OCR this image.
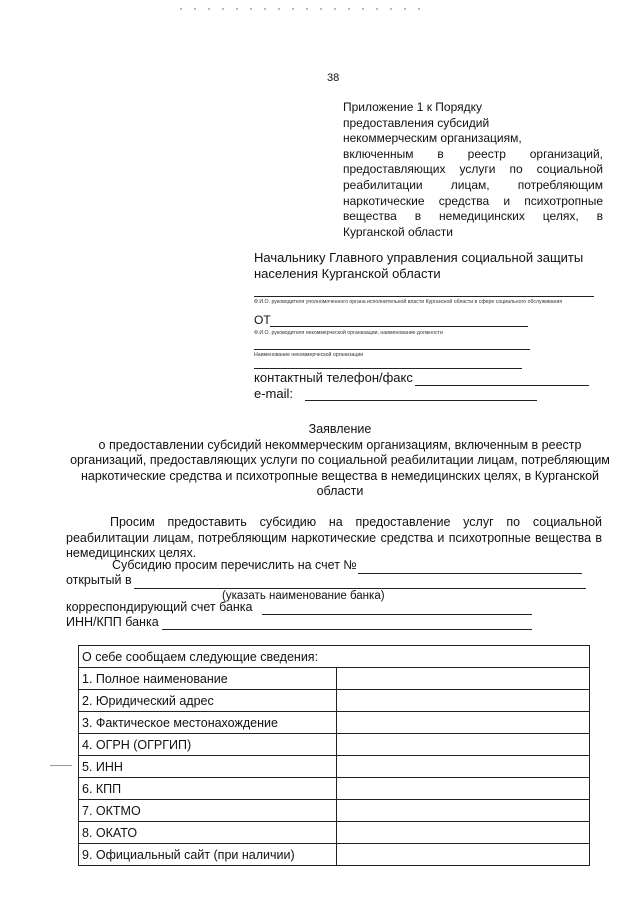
38
Приложение 1 к Порядку
предоставления субсидий
некоммерческим организациям,
включенным в реестр организаций,
предоставляющих услуги по социальной
реабилитации лицам, потребляющим
наркотические средства и психотропные
вещества в немедицинских целях, в
Курганской области
Начальнику Главного управления социальной защиты
населения Курганской области
Ф.И.О. руководителя уполномоченного органа исполнительной власти Курганской области в сфере социального обслуживания
ОТ
Ф.И.О. руководителя некоммерческой организации, наименование должности
Наименование некоммерческой организации
контактный телефон/факс
e-mail:
Заявление
о предоставлении субсидий некоммерческим организациям, включенным в реестр организаций, предоставляющих услуги по социальной реабилитации лицам, потребляющим наркотические средства и психотропные вещества в немедицинских целях, в Курганской области
Просим предоставить субсидию на предоставление услуг по социальной реабилитации лицам, потребляющим наркотические средства и психотропные вещества в немедицинских целях.
Субсидию просим перечислить на счет №
открытый в
(указать наименование банка)
корреспондирующий счет банка
ИНН/КПП банка
О себе сообщаем следующие сведения:	
1. Полное наименование	
2. Юридический адрес	
3. Фактическое местонахождение	
4. ОГРН (ОГРГИП)	
5. ИНН	
6. КПП	
7. ОКТМО	
8. ОКАТО	
9. Официальный сайт (при наличии)	
